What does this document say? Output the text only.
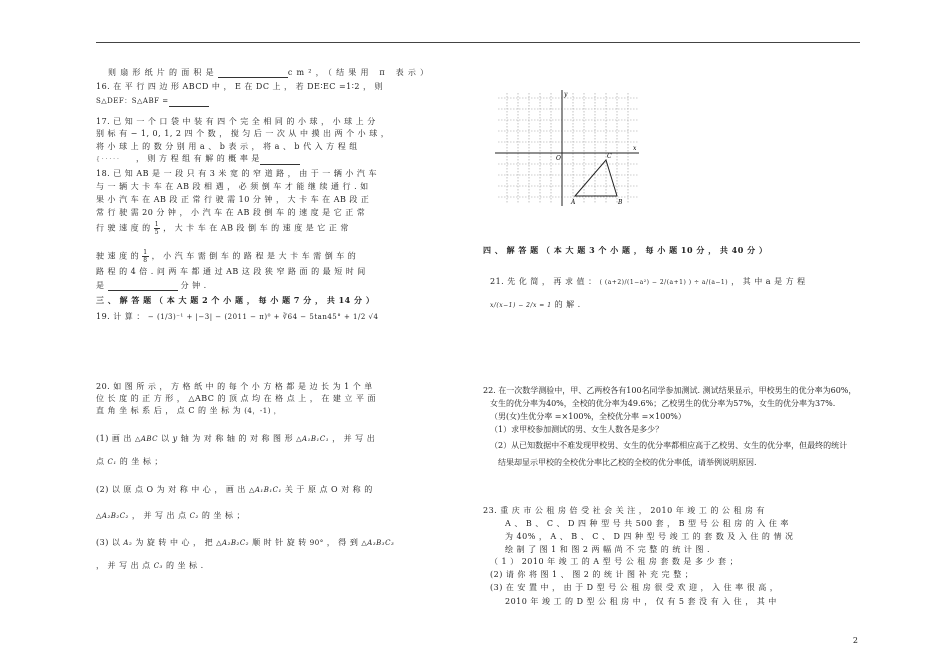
则扇形纸片的面积是	cm²，（结果用 π 表示）
16. 在 平 行 四 边 形 ABCD 中 ， E 在 DC 上 ， 若 DE∶EC =1∶2 ， 则
S△DEF：S△ABF =
17. 已 知 一 个 口 袋 中 装 有 四 个 完 全 相 同 的 小 球 ， 小 球 上 分
别 标 有 − 1, 0, 1, 2 四 个 数 ， 搅 匀 后 一 次 从 中 摸 出 两 个 小 球 ，
将 小 球 上 的 数 分 别 用 a 、 b 表 示 ， 将 a 、 b 代 入 方 程 组
{ · · · · · ， 则 方 程 组 有 解 的 概 率 是
18. 已 知 AB 是 一 段 只 有 3 米 宽 的 窄 道 路 ， 由 于 一 辆 小 汽 车
与 一 辆 大 卡 车 在 AB 段 相 遇 ， 必 须 倒 车 才 能 继 续 通 行 . 如
果 小 汽 车 在 AB 段 正 常 行 驶 需 10 分 钟 ， 大 卡 车 在 AB 段 正
常 行 驶 需 20 分 钟 ， 小 汽 车 在 AB 段 倒 车 的 速 度 是 它 正 常
行 驶 速 度 的 $\frac{1}{5}$ ， 大 卡 车 在 AB 段 倒 车 的 速 度 是 它 正 常
驶 速 度 的 $\frac{1}{8}$ ， 小 汽 车 需 倒 车 的 路 程 是 大 卡 车 需 倒 车 的
路 程 的 4 倍 . 问 两 车 都 通 过 AB 这 段 狭 窄 路 面 的 最 短 时 间
是	分 钟 .
三 、 解 答 题 （ 本 大 题 2 个 小 题 ， 每 小 题 7 分 ， 共 14 分 ）
19. 计 算 ： − (1/3)⁻¹ + |−3| − (2011 − π)⁰ + ∛64 − 5tan45° + 1/2 √4
20. 如 图 所 示 ， 方 格 纸 中 的 每 个 小 方 格 都 是 边 长 为 1 个 单
位 长 度 的 正 方 形 ， △ABC 的 顶 点 均 在 格 点 上 ， 在 建 立 平 面
直 角 坐 标 系 后 ， 点 C 的 坐 标 为 (4，-1) ，
(1) 画 出 △ABC 以 y 轴 为 对 称 轴 的 对 称 图 形 △A₁B₁C₁ ， 并 写 出
点 C₁ 的 坐 标 ；
(2) 以 原 点 O 为 对 称 中 心 ， 画 出 △A₁B₁C₁ 关 于 原 点 O 对 称 的
△A₂B₂C₂ ， 并 写 出 点 C₂ 的 坐 标 ；
(3) 以 A₂ 为 旋 转 中 心 ， 把 △A₂B₂C₂ 顺 时 针 旋 转 90° ， 得 到 △A₃B₃C₃
， 并 写 出 点 C₃ 的 坐 标 .
x
y
O
A	B
C
四 、 解 答 题 （ 本 大 题 3 个 小 题 ， 每 小 题 10 分 ， 共 40 分 ）
21. 先 化 简 ， 再 求 值 ： ( (a+2)/(1−a²) − 2/(a+1) ) ÷ a/(a−1) ， 其 中 a 是 方 程
x/(x−1) − 2/x = 1 的 解 .
22. 在一次数学测验中，甲、乙两校各有100名同学参加测试. 测试结果显示，甲校男生的优分率为60%，
女生的优分率为40%，全校的优分率为49.6%；乙校男生的优分率为57%，女生的优分率为37%.
（男(女)生优分率 =×100%，全校优分率 =×100%）
（1）求甲校参加测试的男、女生人数各是多少？
（2）从已知数据中不难发现甲校男、女生的优分率都相应高于乙校男、女生的优分率，但最终的统计
结果却显示甲校的全校优分率比乙校的全校的优分率低，请举例说明原因.
23. 重 庆 市 公 租 房 倍 受 社 会 关 注 ， 2010 年 竣 工 的 公 租 房 有
A 、 B 、 C 、 D 四 种 型 号 共 500 套 ， B 型 号 公 租 房 的 入 住 率
为 40% ， A 、 B 、 C 、 D 四 种 型 号 竣 工 的 套 数 及 入 住 的 情 况
绘 制 了 图 1 和 图 2 两 幅 尚 不 完 整 的 统 计 图 .
（ 1 ） 2010 年 竣 工 的 A 型 号 公 租 房 套 数 是 多 少 套 ；
(2) 请 你 将 图 1 、 图 2 的 统 计 图 补 充 完 整 ；
(3) 在 安 置 中 ， 由 于 D 型 号 公 租 房 很 受 欢 迎 ， 入 住 率 很 高 ，
2010 年 竣 工 的 D 型 公 租 房 中 ， 仅 有 5 套 没 有 入 住 ， 其 中
2
